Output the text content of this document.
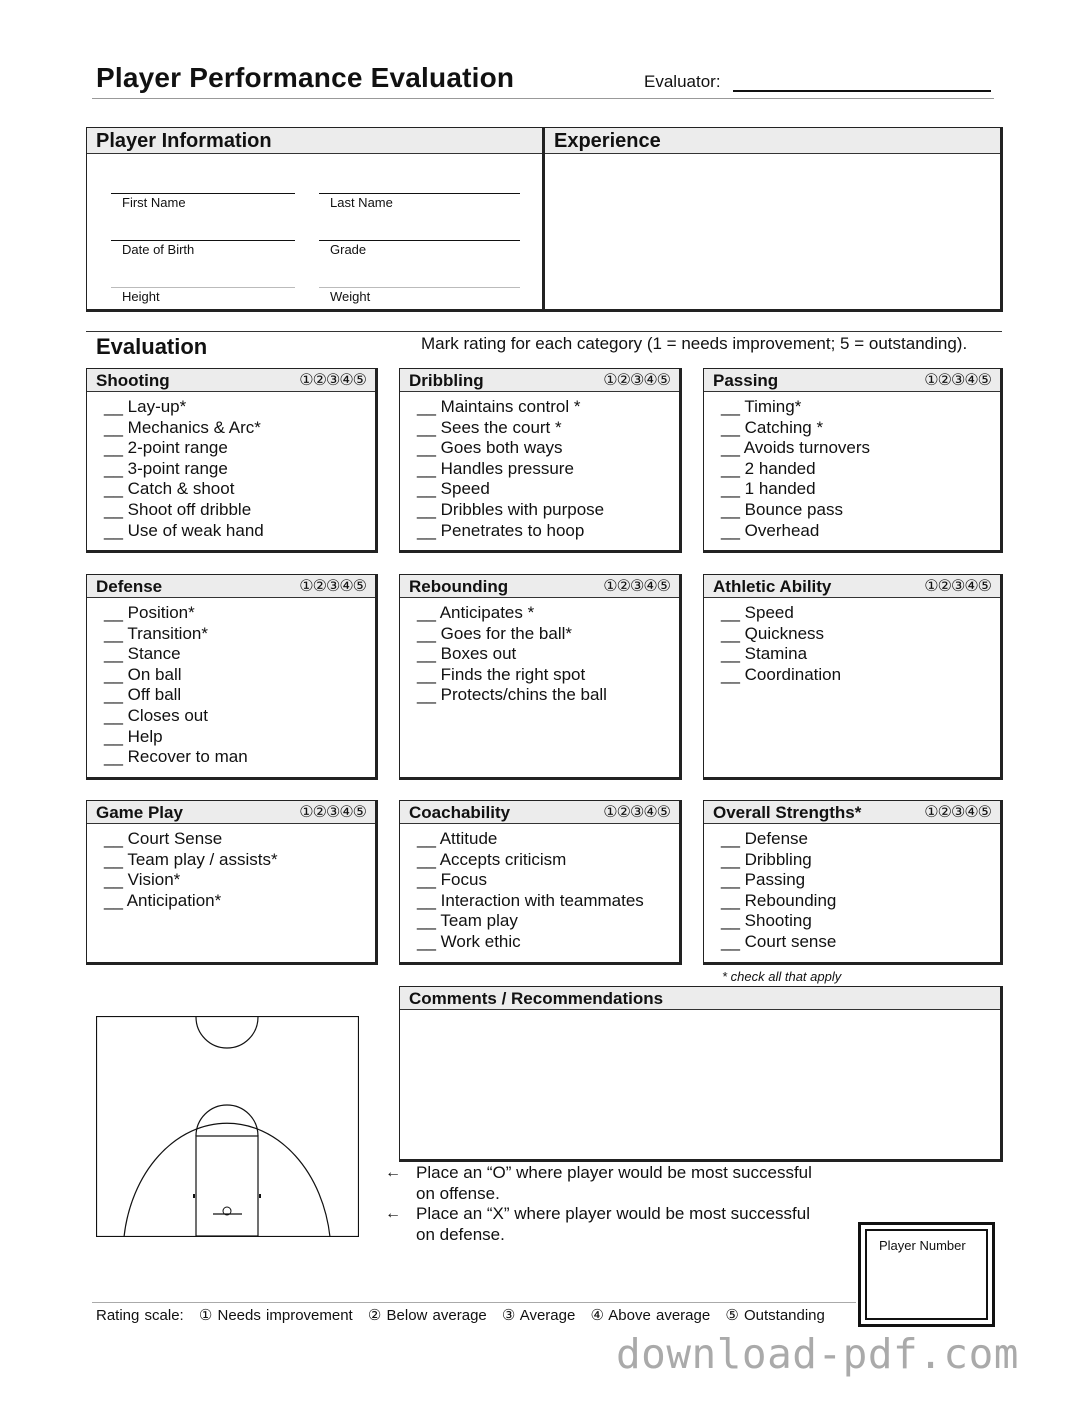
Player Performance Evaluation	Evaluator:
Player Information	Experience
First Name	Last Name
Date of Birth	Grade
Height	Weight
Evaluation	Mark rating for each category (1 = needs improvement; 5 = outstanding).
Shooting	①②③④⑤
__ Lay-up*
__ Mechanics & Arc*
__ 2-point range
__ 3-point range
__ Catch & shoot
__ Shoot off dribble
__ Use of weak hand
Dribbling	①②③④⑤
__ Maintains control *
__ Sees the court *
__ Goes both ways
__ Handles pressure
__ Speed
__ Dribbles with purpose
__ Penetrates to hoop
Passing	①②③④⑤
__ Timing*
__ Catching *
__ Avoids turnovers
__ 2 handed
__ 1 handed
__ Bounce pass
__ Overhead
Defense	①②③④⑤
__ Position*
__ Transition*
__ Stance
__ On ball
__ Off ball
__ Closes out
__ Help
__ Recover to man
Rebounding	①②③④⑤
__ Anticipates *
__ Goes for the ball*
__ Boxes out
__ Finds the right spot
__ Protects/chins the ball
Athletic Ability	①②③④⑤
__ Speed
__ Quickness
__ Stamina
__ Coordination
Game Play	①②③④⑤
__ Court Sense
__ Team play / assists*
__ Vision*
__ Anticipation*
Coachability	①②③④⑤
__ Attitude
__ Accepts criticism
__ Focus
__ Interaction with teammates
__ Team play
__ Work ethic
Overall Strengths*	①②③④⑤
__ Defense
__ Dribbling
__ Passing
__ Rebounding
__ Shooting
__ Court sense
* check all that apply
Comments / Recommendations
← Place an “O” where player would be most successful
on offense.
← Place an “X” where player would be most successful
on defense.
Player Number
Rating scale: ① Needs improvement ② Below average ③ Average ④ Above average ⑤ Outstanding
download-pdf.com
